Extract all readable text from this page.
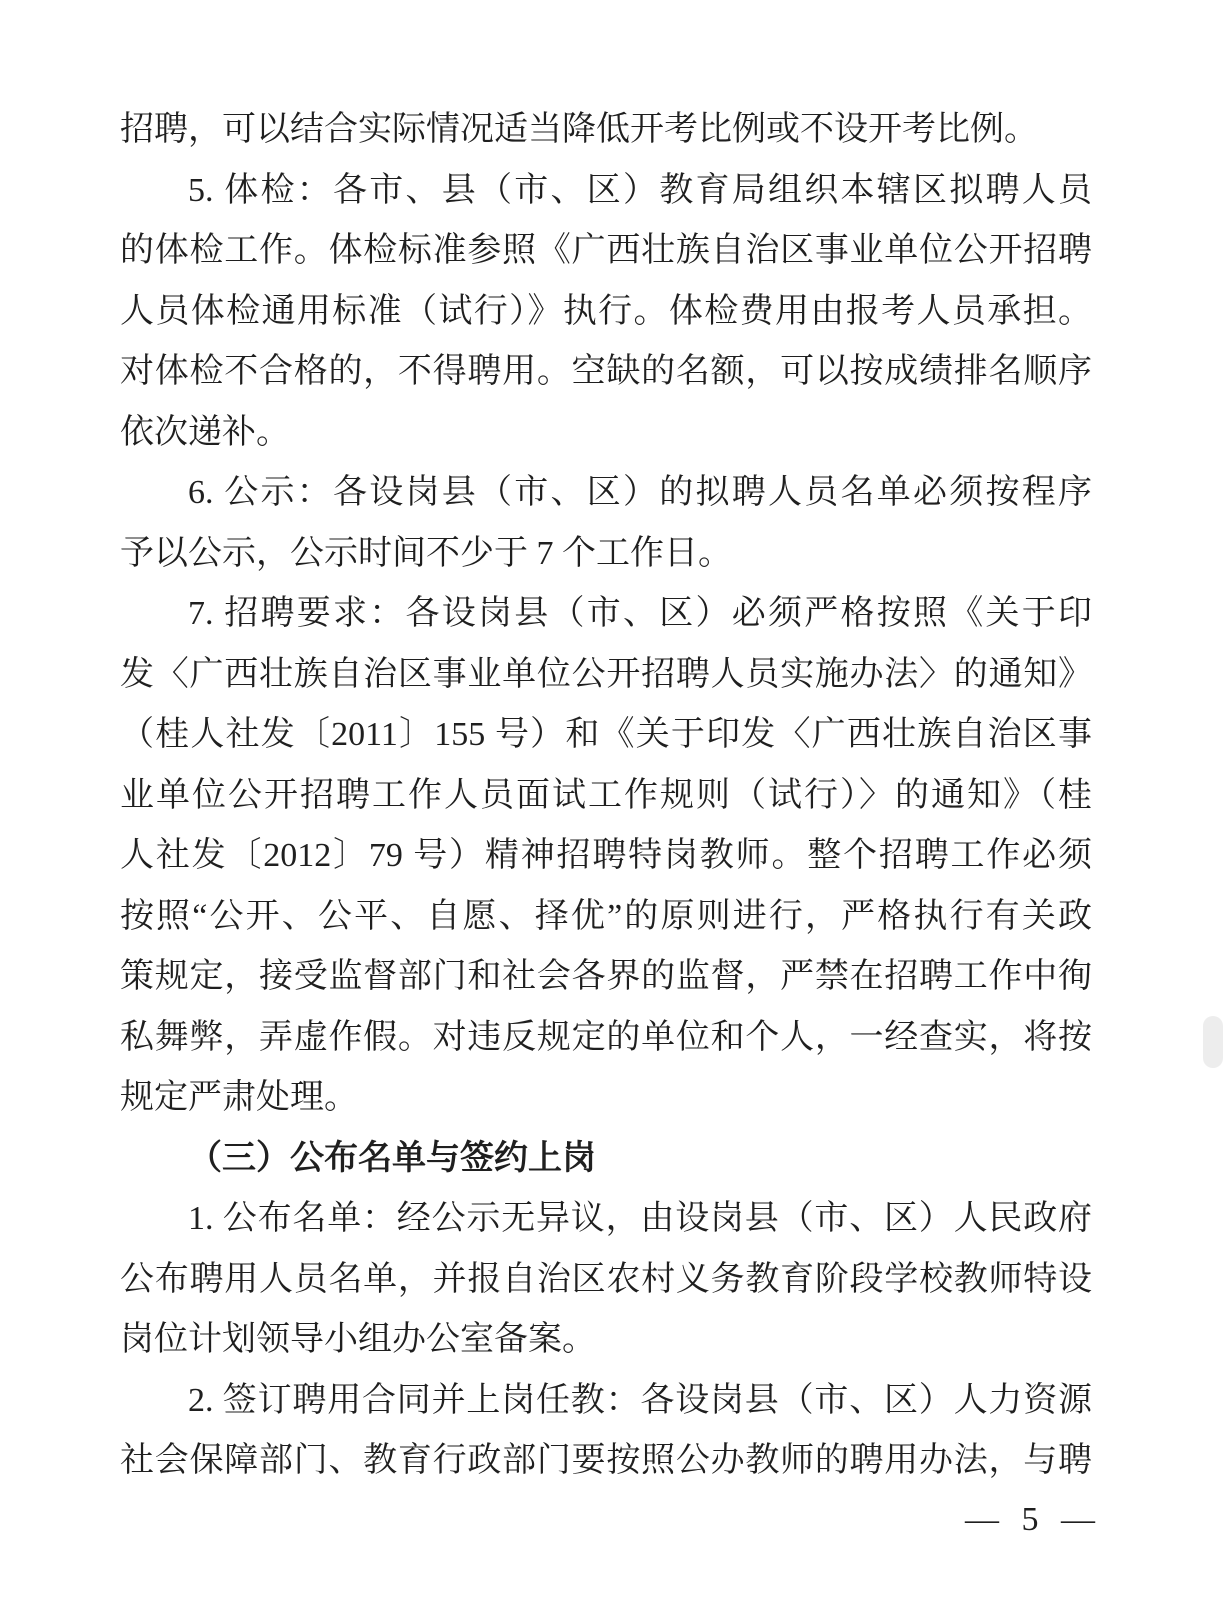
招聘，可以结合实际情况适当降低开考比例或不设开考比例。
5. 体检：各市、县（市、区）教育局组织本辖区拟聘人员
的体检工作。体检标准参照《广西壮族自治区事业单位公开招聘
人员体检通用标准（试行）》执行。体检费用由报考人员承担。
对体检不合格的，不得聘用。空缺的名额，可以按成绩排名顺序
依次递补。
6. 公示：各设岗县（市、区）的拟聘人员名单必须按程序
予以公示，公示时间不少于 7 个工作日。
7. 招聘要求：各设岗县（市、区）必须严格按照《关于印
发〈广西壮族自治区事业单位公开招聘人员实施办法〉的通知》
（桂人社发〔2011〕155 号）和《关于印发〈广西壮族自治区事
业单位公开招聘工作人员面试工作规则（试行）〉的通知》（桂
人社发〔2012〕79 号）精神招聘特岗教师。整个招聘工作必须
按照“公开、公平、自愿、择优”的原则进行，严格执行有关政
策规定，接受监督部门和社会各界的监督，严禁在招聘工作中徇
私舞弊，弄虚作假。对违反规定的单位和个人，一经查实，将按
规定严肃处理。
（三）公布名单与签约上岗
1. 公布名单：经公示无异议，由设岗县（市、区）人民政府
公布聘用人员名单，并报自治区农村义务教育阶段学校教师特设
岗位计划领导小组办公室备案。
2. 签订聘用合同并上岗任教：各设岗县（市、区）人力资源
社会保障部门、教育行政部门要按照公办教师的聘用办法，与聘
— 5 —
